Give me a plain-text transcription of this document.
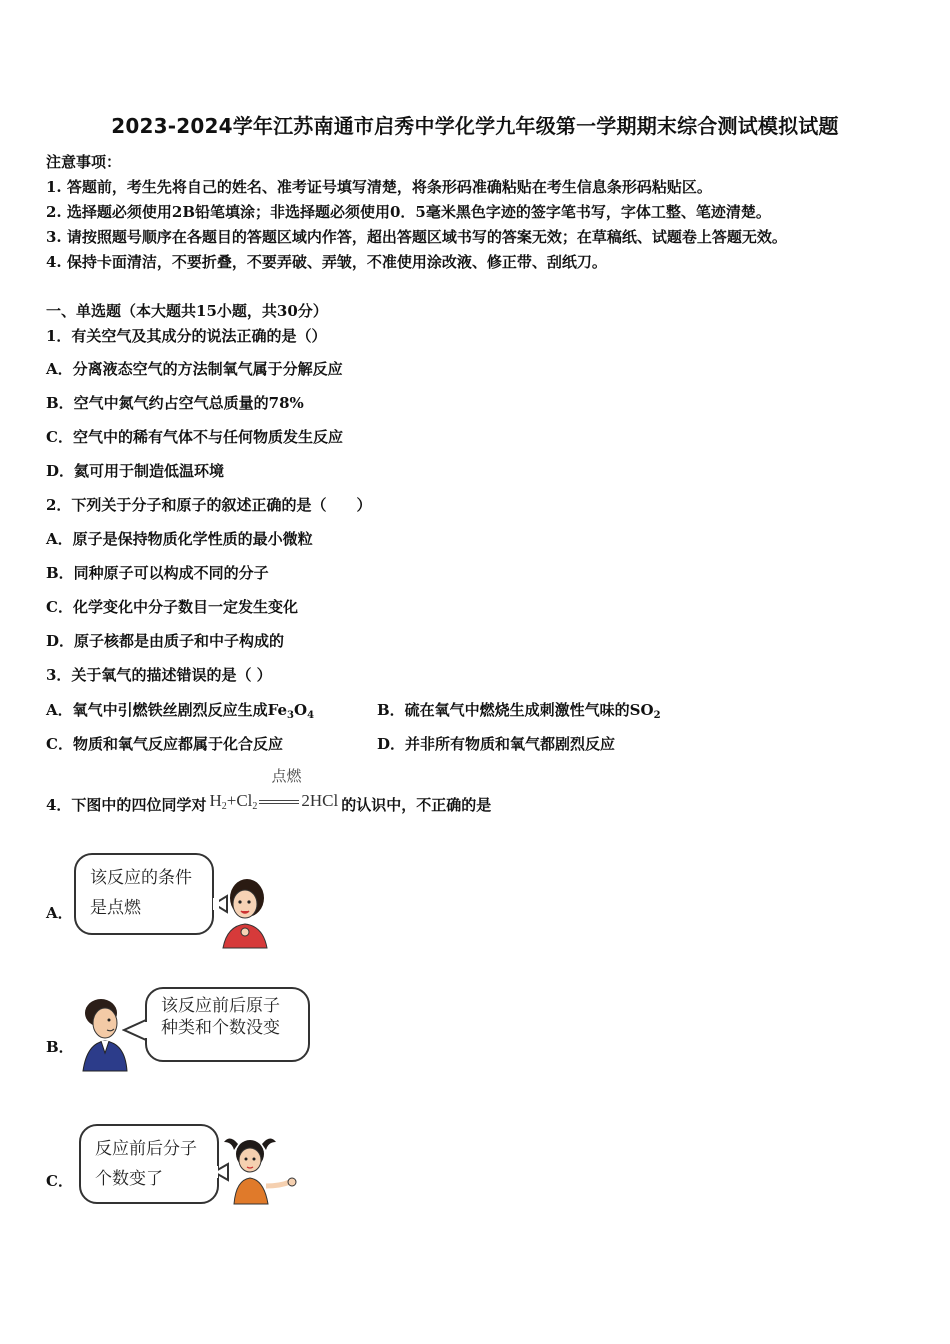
2023-2024学年江苏南通市启秀中学化学九年级第一学期期末综合测试模拟试题
注意事项：
1. 答题前，考生先将自己的姓名、准考证号填写清楚，将条形码准确粘贴在考生信息条形码粘贴区。
2. 选择题必须使用2B铅笔填涂；非选择题必须使用0．5毫米黑色字迹的签字笔书写，字体工整、笔迹清楚。
3. 请按照题号顺序在各题目的答题区域内作答，超出答题区域书写的答案无效；在草稿纸、试题卷上答题无效。
4. 保持卡面清洁，不要折叠，不要弄破、弄皱，不准使用涂改液、修正带、刮纸刀。
一、单选题（本大题共15小题，共30分）
1．有关空气及其成分的说法正确的是（）
A．分离液态空气的方法制氧气属于分解反应
B．空气中氮气约占空气总质量的78%
C．空气中的稀有气体不与任何物质发生反应
D．氦可用于制造低温环境
2．下列关于分子和原子的叙述正确的是（　　）
A．原子是保持物质化学性质的最小微粒
B．同种原子可以构成不同的分子
C．化学变化中分子数目一定发生变化
D．原子核都是由质子和中子构成的
3．关于氧气的描述错误的是（ ）
A．氧气中引燃铁丝剧烈反应生成$Fe_3O_4$	B．硫在氧气中燃烧生成刺激性气味的$SO_2$
C．物质和氧气反应都属于化合反应	D．并非所有物质和氧气都剧烈反应
4．下图中的四位同学对 $H_2+Cl_2$
点燃
2HCl 的认识中，不正确的是
A．
该反应的条件
是点燃
B．
该反应前后原子
种类和个数没变
C．
反应前后分子
个数变了
